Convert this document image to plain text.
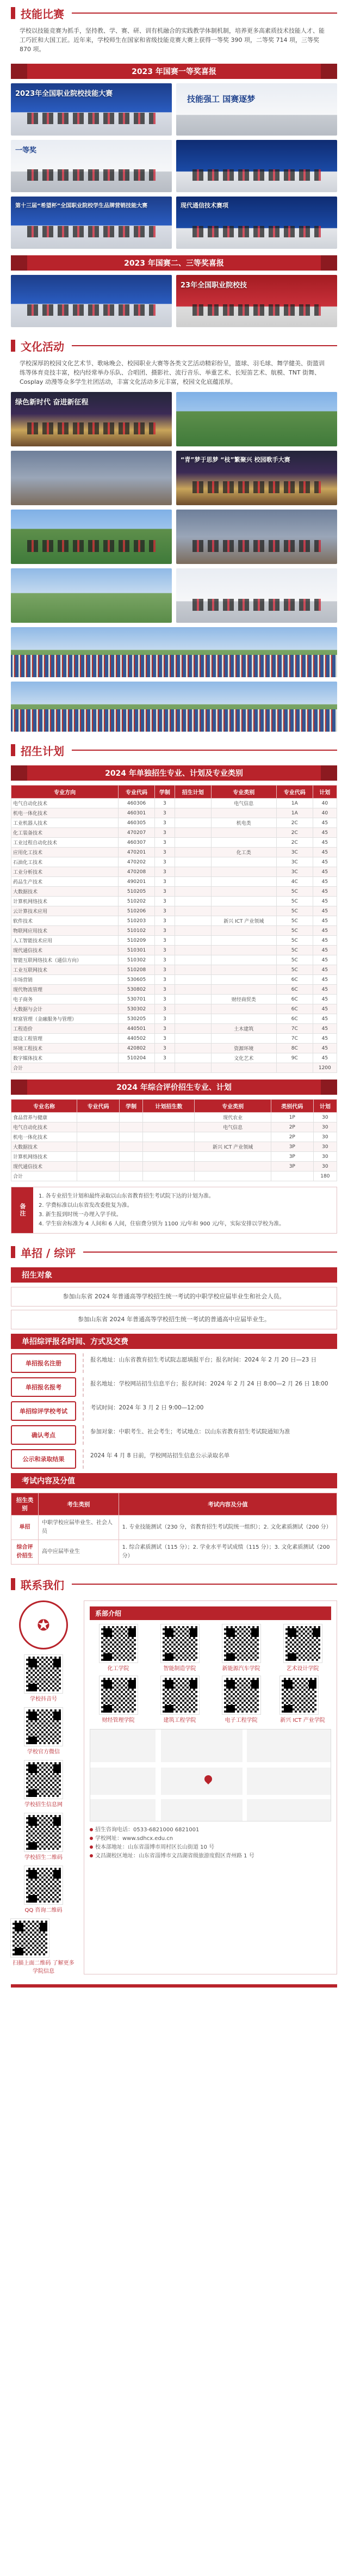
技能比赛

学校以技能竞赛为抓手，坚持教、学、赛、研、训有机融合的实践教学体制机制，培养更多高素质技术技能人才、能工巧匠和大国工匠。近年来，学校师生在国家和省级技能竞赛大赛上获得一等奖 390 项，二等奖 714 项，三等奖 870 项。

2023 年国赛一等奖喜报
2023年全国职业院校技能大赛
技能强工 国赛逐梦
一等奖
第十三届“希望杯”全国职业院校学生品牌营销技能大赛	现代通信技术赛项
2023 年国赛二、三等奖喜报
23年全国职业院校技
文化活动

学校深厚的校园文化艺术节、歌咏晚会、校园职业大赛等各类文艺活动精彩纷呈，篮球、羽毛球、舞学健美、街篮训练等体育竞技丰富，校内经常举办乐队、合唱团、摄影社、流行音乐、举重艺术、长短笛艺术、航模、TNT 街舞、Cosplay 动漫等众多学生社团活动，丰富文化活动多元丰富，校园文化底蕴浓厚。

绿色新时代 奋进新征程
“青”梦于思梦 “枝”繁聚兴 校园歌手大赛
招生计划
2024 年单独招生专业、计划及专业类别
专业方向	专业代码	学制	招生计划	专业类别	专业代码	计划
电气自动化技术	460306	3		电气信息	1A	40
机电一体化技术	460301	3			1A	40
工业机器人技术	460305	3		机电类	2C	45
化工装备技术	470207	3			2C	45
工业过程自动化技术	460307	3			2C	45
应用化工技术	470201	3		化工类	3C	45
石油化工技术	470202	3			3C	45
工业分析技术	470208	3			3C	45
药品生产技术	490201	3			4C	45
大数据技术	510205	3			5C	45
计算机网络技术	510202	3			5C	45
云计算技术应用	510206	3			5C	45
软件技术	510203	3		新兴 ICT 产业领域	5C	45
物联网应用技术	510102	3			5C	45
人工智能技术应用	510209	3			5C	45
现代通信技术	510301	3			5C	45
智能互联网络技术（通信方向）	510302	3			5C	45
工业互联网技术	510208	3			5C	45
市场营销	530605	3			6C	45
现代物流管理	530802	3			6C	45
电子商务	530701	3		财经商贸类	6C	45
大数据与会计	530302	3			6C	45
财富管理（金融服务与管理）	530205	3			6C	45
工程造价	440501	3		土木建筑	7C	45
建设工程管理	440502	3			7C	45
环境工程技术	420802	3		资源环境	8C	45
数字媒体技术	510204	3		文化艺术	9C	45
合计						1200
2024 年综合评价招生专业、计划
专业名称	专业代码	学制	计划招生数	专业类别	类别代码	计划
食品营养与健康				现代农业	1P	30
电气自动化技术				电气信息	2P	30
机电一体化技术					2P	30
大数据技术				新兴 ICT 产业领域	3P	30
计算机网络技术					3P	30
现代通信技术					3P	30
合计						180
备注
1. 各专业招生计划和最终录取以山东省教育招生考试院下达的计划为准。
2. 学费标准以山东省发改委批复为准。
3. 新生报到时统一办理入学手续。
4. 学生宿舍标准为 4 人间和 6 人间，住宿费分别为 1100 元/年和 900 元/年，实际安排以学校为准。
单招 / 综评
招生对象
参加山东省 2024 年普通高等学校招生统一考试的中职学校应届毕业生和社会人员。
参加山东省 2024 年普通高等学校招生统一考试的普通高中应届毕业生。
单招综评报名时间、方式及交费
单招报名注册	报名地址：山东省教育招生考试院志愿填报平台；报名时间：2024 年 2 月 20 日—23 日
单招报名报考	报名地址：学校网站招生信息平台；报名时间：2024 年 2 月 24 日 8:00—2 月 26 日 18:00
单招综评学校考试	考试时间：2024 年 3 月 2 日 9:00—12:00
确认考点	参加对象：中职考生、社会考生；考试地点：以山东省教育招生考试院通知为准
公示和录取结果	2024 年 4 月 8 日前，学校网站招生信息公示录取名单
考试内容及分值
招生类别	考生类别	考试内容及分值
单招	中职学校应届毕业生、社会人员	1. 专业技能测试（230 分，省教育招生考试院统一组织）；2. 文化素质测试（200 分）
综合评价招生	高中应届毕业生	1. 综合素质测试（115 分）；2. 学业水平考试成绩（115 分）；3. 文化素质测试（200 分）
联系我们
✪
学校抖音号
学校官方微信
学校招生信息网
学校招生二维码
QQ 咨询二维码
扫描上面二维码 了解更多学院信息
系部介绍
化工学院	智能制造学院	新能源汽车学院	艺术设计学院
财经管理学院	建筑工程学院	电子工程学院	新兴 ICT 产业学院
招生咨询电话：0533-6821000 6821001
学校网址：www.sdhcx.edu.cn
校本部地址：山东省淄博市周村区长山街道 10 号
文昌湖校区地址：山东省淄博市文昌湖省级旅游度假区青州路 1 号
